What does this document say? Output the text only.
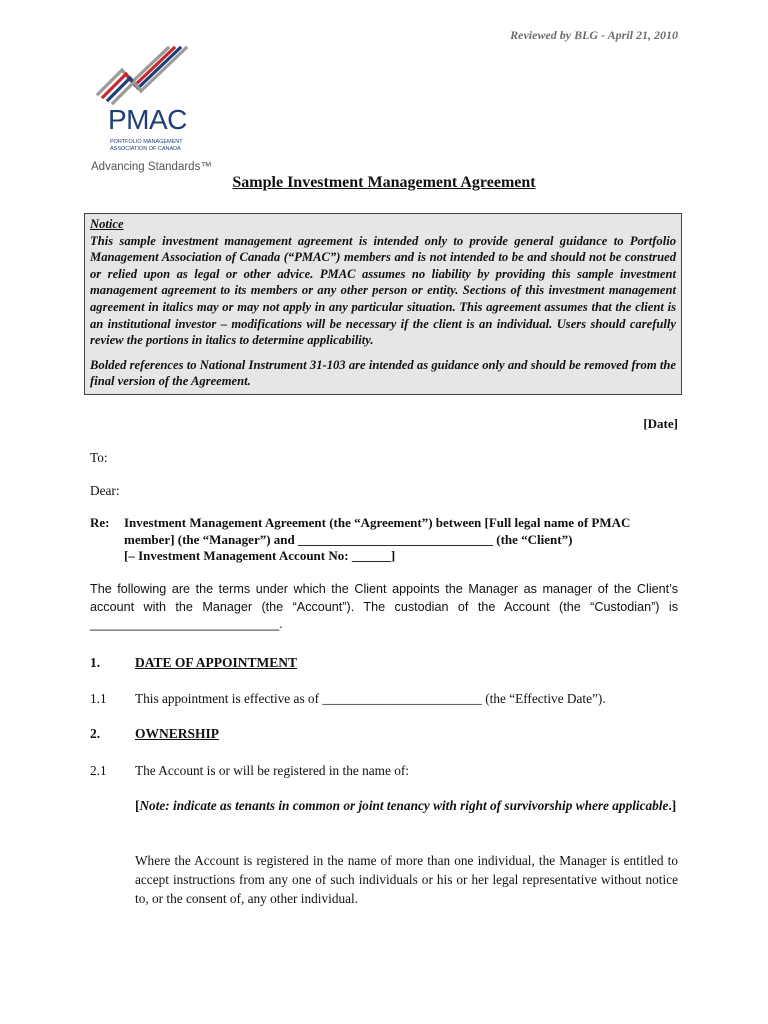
Reviewed by BLG - April 21, 2010
PMAC
PORTFOLIO MANAGEMENT
ASSOCIATION OF CANADA
Advancing Standards™
Sample Investment Management Agreement

Notice

This sample investment management agreement is intended only to provide general guidance to Portfolio Management Association of Canada (“PMAC”) members and is not intended to be and should not be construed or relied upon as legal or other advice. PMAC assumes no liability by providing this sample investment management agreement to its members or any other person or entity. Sections of this investment management agreement in italics may or may not apply in any particular situation. This agreement assumes that the client is an institutional investor – modifications will be necessary if the client is an individual. Users should carefully review the portions in italics to determine applicability.

Bolded references to National Instrument 31-103 are intended as guidance only and should be removed from the final version of the Agreement.

[Date]
To:
Dear:
Re: Investment Management Agreement (the “Agreement”) between [Full legal name of PMAC
member] (the “Manager”) and ______________________________ (the “Client”)
[– Investment Management Account No: ______]
The following are the terms under which the Client appoints the Manager as manager of the Client’s account with the Manager (the “Account”). The custodian of the Account (the “Custodian”) is ___________________________.
1.	DATE OF APPOINTMENT
1.1 This appointment is effective as of ________________________ (the “Effective Date”).
2.	OWNERSHIP
2.1 The Account is or will be registered in the name of:
[Note: indicate as tenants in common or joint tenancy with right of survivorship where applicable.]
Where the Account is registered in the name of more than one individual, the Manager is entitled to accept instructions from any one of such individuals or his or her legal representative without notice to, or the consent of, any other individual.
